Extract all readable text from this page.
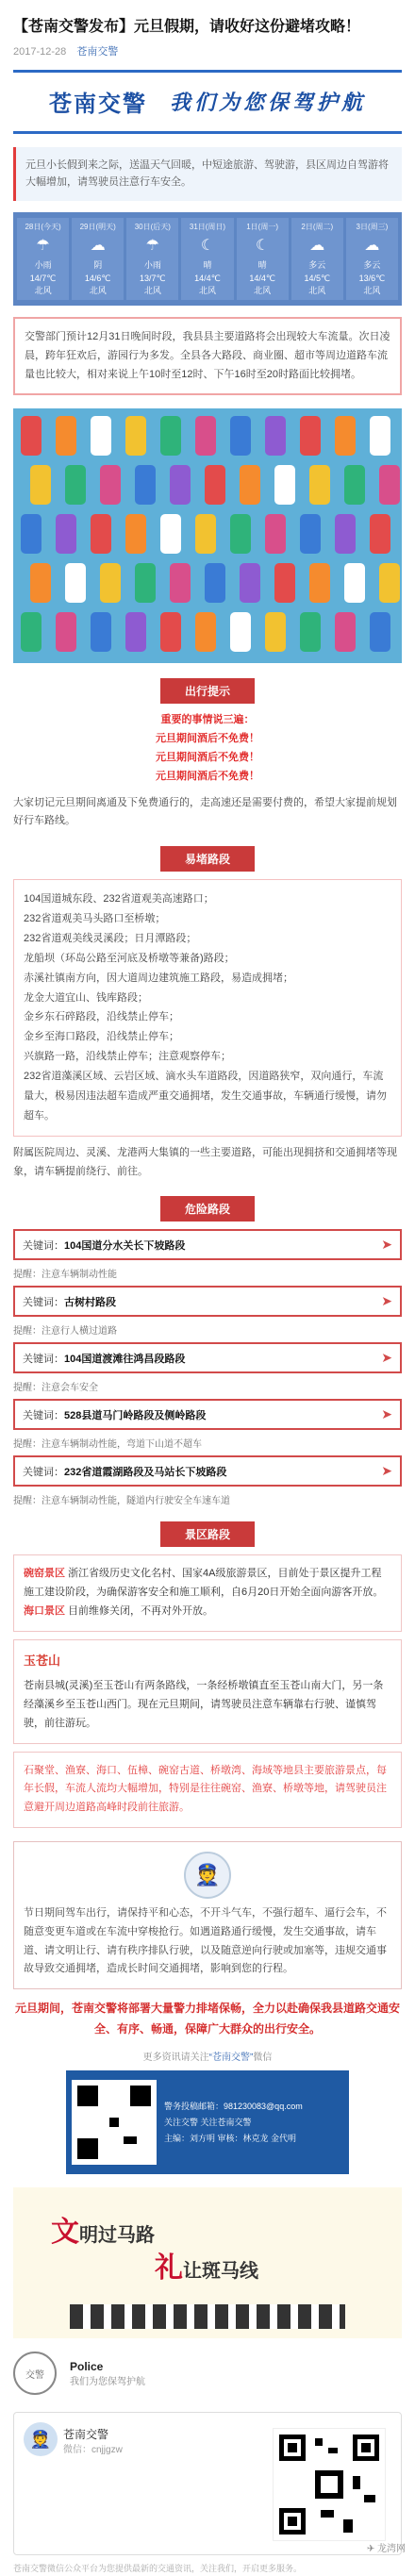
【苍南交警发布】元旦假期，请收好这份避堵攻略！
2017-12-28 苍南交警
苍南交警 我们为您保驾护航
元旦小长假到来之际，送温天气回暖，中短途旅游、驾驶游，县区周边自驾游将大幅增加，请驾驶员注意行车安全。
28日(今天)
☂
小雨
14/7℃
北风
29日(明天)
☁
阴
14/6℃
北风
30日(后天)
☂
小雨
13/7℃
北风
31日(周日)
☾
晴
14/4℃
北风
1日(周一)
☾
晴
14/4℃
北风
2日(周二)
☁
多云
14/5℃
北风
3日(周三)
☁
多云
13/6℃
北风
交警部门预计12月31日晚间时段，我县县主要道路将会出现较大车流量。次日凌晨，跨年狂欢后，游园行为多发。全县各大路段、商业圈、超市等周边道路车流量也比较大，相对来说上午10时至12时、下午16时至20时路面比较拥堵。
出行提示
重要的事情说三遍：
元旦期间酒后不免费！
元旦期间酒后不免费！
元旦期间酒后不免费！
大家切记元旦期间离通及下免费通行的，走高速还是需要付费的，希望大家提前规划好行车路线。
易堵路段
104国道城东段、232省道观美高速路口；
232省道观美马头路口至桥墩；
232省道观美线灵溪段；日月潭路段；
龙船坝（环岛公路至河底及桥墩等兼备)路段；
赤溪社镇南方向，因大道周边建筑施工路段，易造成拥堵；
龙金大道宜山、钱库路段；
金乡东石碎路段，沿线禁止停车；
金乡至海口路段，沿线禁止停车；
兴旗路一路，沿线禁止停车；注意观察停车；
232省道藻溪区域、云岩区域、滴水头车道路段，因道路狭窄，双向通行，车流量大，极易因违法超车造成严重交通拥堵，发生交通事故，车辆通行缓慢，请勿超车。
附属医院周边、灵溪、龙港两大集镇的一些主要道路，可能出现拥挤和交通拥堵等现象，请车辆提前绕行、前往。
危险路段
关键词：104国道分水关长下坡路段	➤
提醒：注意车辆制动性能
关键词：古树村路段	➤
提醒：注意行人横过道路
关键词：104国道渡滩往鸿昌段路段	➤
提醒：注意会车安全
关键词：528县道马门岭路段及侧岭路段	➤
提醒：注意车辆制动性能，弯道下山道不超车
关键词：232省道霞湖路段及马站长下坡路段	➤
提醒：注意车辆制动性能，隧道内行驶安全车速车道
景区路段
碗窑景区 浙江省级历史文化名村、国家4A级旅游景区，目前处于景区提升工程施工建设阶段，为确保游客安全和施工顺利，自6月20日开始全面向游客开放。
海口景区 目前维修关闭，不再对外开放。
玉苍山
苍南县城(灵溪)至玉苍山有两条路线，一条经桥墩镇直至玉苍山南大门，另一条经藻溪乡至玉苍山西门。现在元旦期间，请驾驶员注意车辆靠右行驶、谨慎驾驶，前往游玩。
石聚堂、渔寮、海口、伍樟、碗窑古道、桥墩湾、海域等地县主要旅游景点，每年长假，车流人流均大幅增加，特别是往往碗窑、渔寮、桥墩等地，请驾驶员注意避开周边道路高峰时段前往旅游。
👮
节日期间驾车出行，请保持平和心态，不开斗气车，不强行超车、逼行会车，不随意变更车道或在车流中穿梭抢行。如遇道路通行缓慢，发生交通事故，请车道、请文明让行、请有秩序排队行驶，以及随意逆向行驶或加塞等，违规交通事故导致交通拥堵，造成长时间交通拥堵，影响到您的行程。
元旦期间，苍南交警将部署大量警力排堵保畅，全力以赴确保我县道路交通安全、有序、畅通，保障广大群众的出行安全。
更多资讯请关注“苍南交警”微信
警务投稿邮箱：981230083@qq.com
关注交警 关注苍南交警
主编：刘方明 审核：林克龙 金代明
文明过马路
礼让斑马线
交警
Police
我们为您保驾护航
👮	苍南交警
微信：cnjjgzw
苍南交警微信公众平台为您提供最新的交通资讯，关注我们，开启更多服务。
✈ 龙湾网
